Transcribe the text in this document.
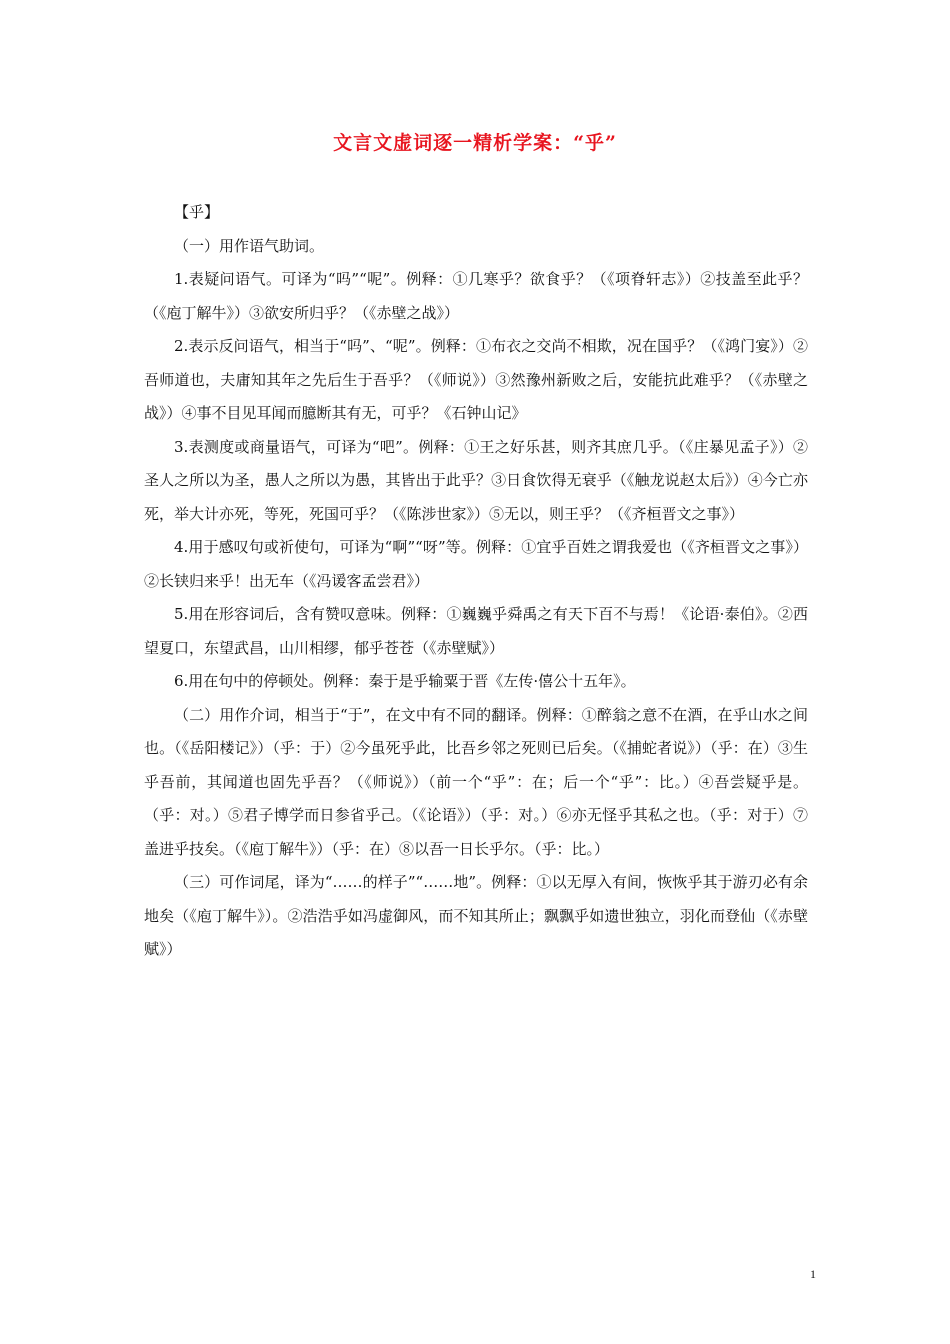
文言文虚词逐一精析学案：“乎”

【乎】

（一）用作语气助词。

1.表疑问语气。可译为“吗”“呢”。例释：①几寒乎？欲食乎？（《项脊轩志》）②技盖至此乎？（《庖丁解牛》）③欲安所归乎？（《赤壁之战》）

2.表示反问语气，相当于“吗”、“呢”。例释：①布衣之交尚不相欺，况在国乎？（《鸿门宴》）②吾师道也，夫庸知其年之先后生于吾乎？（《师说》）③然豫州新败之后，安能抗此难乎？（《赤壁之战》）④事不目见耳闻而臆断其有无，可乎？《石钟山记》

3.表测度或商量语气，可译为“吧”。例释：①王之好乐甚，则齐其庶几乎。（《庄暴见孟子》）②圣人之所以为圣，愚人之所以为愚，其皆出于此乎？③日食饮得无衰乎（《触龙说赵太后》）④今亡亦死，举大计亦死，等死，死国可乎？（《陈涉世家》）⑤无以，则王乎？（《齐桓晋文之事》）

4.用于感叹句或祈使句，可译为“啊”“呀”等。例释：①宜乎百姓之谓我爱也（《齐桓晋文之事》）②长铗归来乎！出无车（《冯谖客孟尝君》）

5.用在形容词后，含有赞叹意味。例释：①巍巍乎舜禹之有天下百不与焉！《论语·泰伯》。②西望夏口，东望武昌，山川相缪，郁乎苍苍（《赤壁赋》）

6.用在句中的停顿处。例释：秦于是乎输粟于晋《左传·僖公十五年》。

（二）用作介词，相当于“于”，在文中有不同的翻译。例释：①醉翁之意不在酒，在乎山水之间也。（《岳阳楼记》）（乎：于）②今虽死乎此，比吾乡邻之死则已后矣。（《捕蛇者说》）（乎：在）③生乎吾前，其闻道也固先乎吾？（《师说》）（前一个“乎”：在；后一个“乎”：比。）④吾尝疑乎是。（乎：对。）⑤君子博学而日参省乎己。（《论语》）（乎：对。）⑥亦无怪乎其私之也。（乎：对于）⑦盖进乎技矣。（《庖丁解牛》）（乎：在）⑧以吾一日长乎尔。（乎：比。）

（三）可作词尾，译为“……的样子”“……地”。例释：①以无厚入有间，恢恢乎其于游刃必有余地矣（《庖丁解牛》）。②浩浩乎如冯虚御风，而不知其所止；飘飘乎如遗世独立，羽化而登仙（《赤壁赋》）

1
